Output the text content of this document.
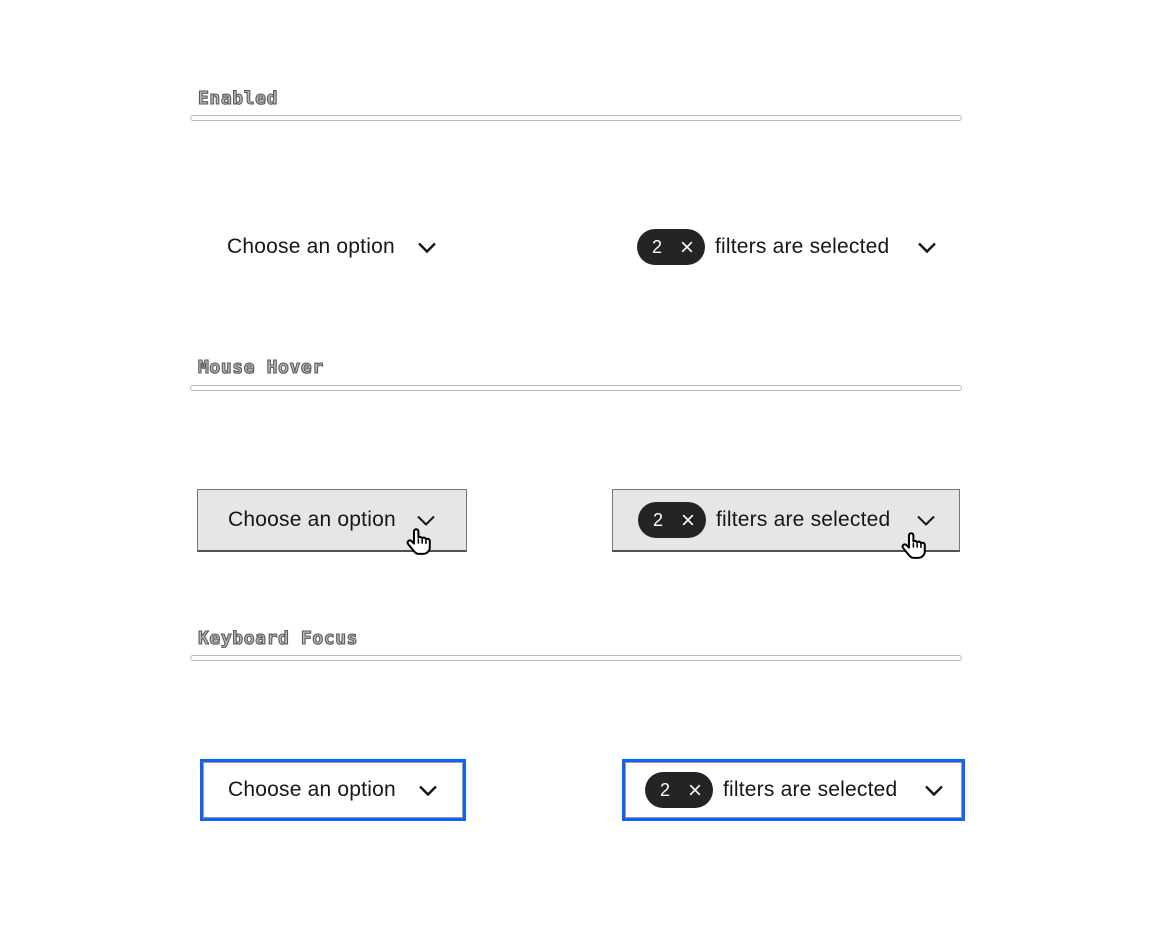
Enabled
Choose an option	2	filters are selected
Mouse Hover
Choose an option	2	filters are selected
Keyboard Focus
Choose an option	2	filters are selected
